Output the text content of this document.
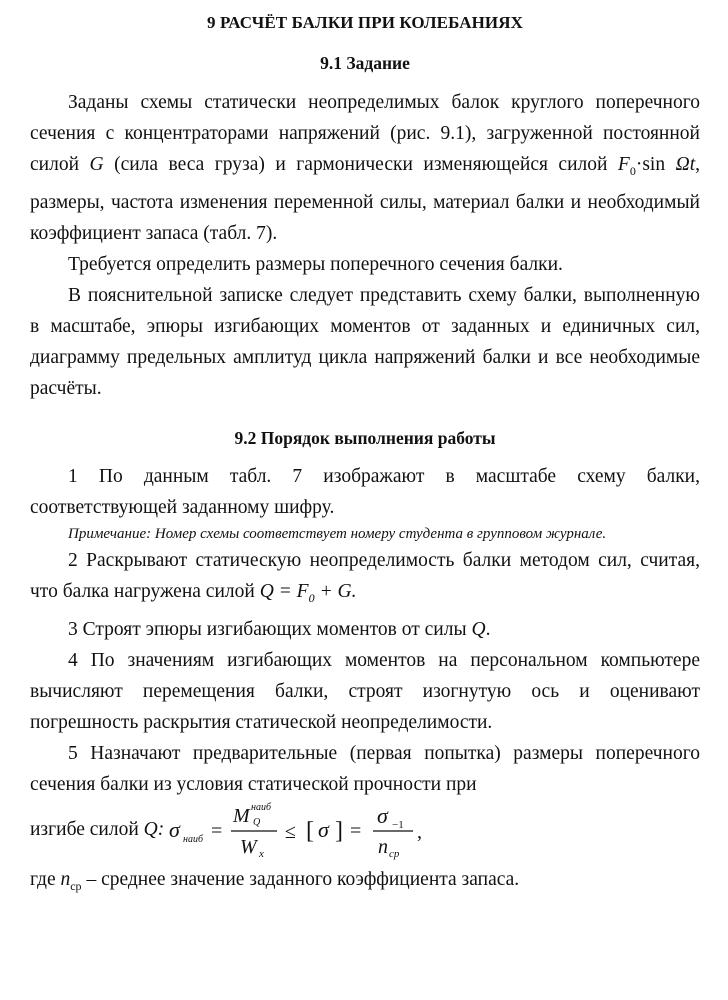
9 РАСЧЁТ БАЛКИ ПРИ КОЛЕБАНИЯХ
9.1 Задание

Заданы схемы статически неопределимых балок круглого поперечного сечения с концентраторами напряжений (рис. 9.1), загруженной постоянной силой G (сила веса груза) и гармонически изменяющейся силой $F_0\cdot\sin$ Ωt, размеры, частота изменения переменной силы, материал балки и необходимый коэффициент запаса (табл. 7).

Требуется определить размеры поперечного сечения балки.

В пояснительной записке следует представить схему балки, выполненную в масштабе, эпюры изгибающих моментов от заданных и единичных сил, диаграмму предельных амплитуд цикла напряжений балки и все необходимые расчёты.

9.2 Порядок выполнения работы

1 По данным табл. 7 изображают в масштабе схему балки, соответствующей заданному шифру.

Примечание: Номер схемы соответствует номеру студента в групповом журнале.

2 Раскрывают статическую неопределимость балки методом сил, считая, что балка нагружена силой $Q = F_0 + G$.

3 Строят эпюры изгибающих моментов от силы Q.

4 По значениям изгибающих моментов на персональном компьютере вычисляют перемещения балки, строят изогнутую ось и оценивают погрешность раскрытия статической неопределимости.

5 Назначают предварительные (первая попытка) размеры поперечного сечения балки из условия статической прочности при

изгибе силой Q: σ наиб =
M наиб
Q
W x
≤ [ σ ] =
σ −1
n ср
,

где $n_{ср}$ – среднее значение заданного коэффициента запаса.
